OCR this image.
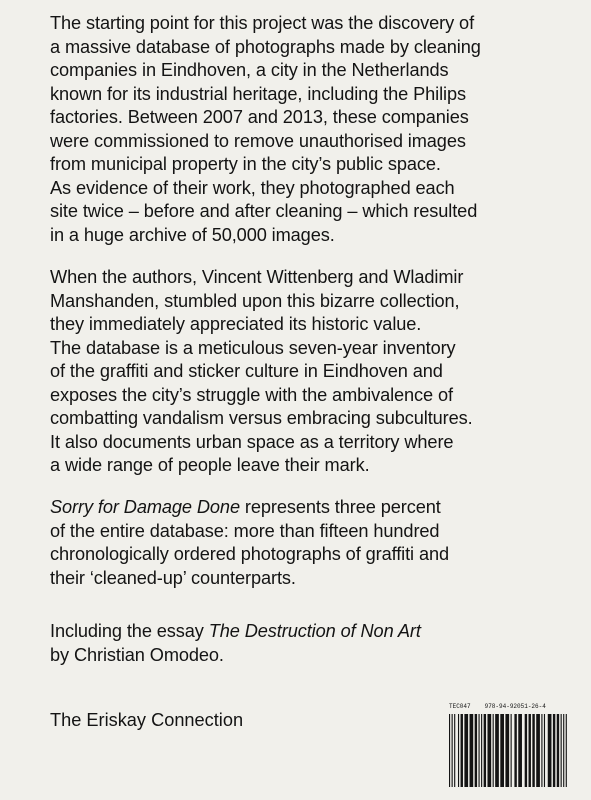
The starting point for this project was the discovery of
a massive database of photographs made by cleaning
companies in Eindhoven, a city in the Netherlands
known for its industrial heritage, including the Philips
factories. Between 2007 and 2013, these companies
were commissioned to remove unauthorised images
from municipal property in the city’s public space.
As evidence of their work, they photographed each
site twice – before and after cleaning – which resulted
in a huge archive of 50,000 images.
When the authors, Vincent Wittenberg and Wladimir
Manshanden, stumbled upon this bizarre collection,
they immediately appreciated its historic value.
The database is a meticulous seven-year inventory
of the graffiti and sticker culture in Eindhoven and
exposes the city’s struggle with the ambivalence of
combatting vandalism versus embracing subcultures.
It also documents urban space as a territory where
a wide range of people leave their mark.
Sorry for Damage Done represents three percent
of the entire database: more than fifteen hundred
chronologically ordered photographs of graffiti and
their ‘cleaned-up’ counterparts.
Including the essay The Destruction of Non Art
by Christian Omodeo.
The Eriskay Connection
TEC047 978-94-92051-26-4
